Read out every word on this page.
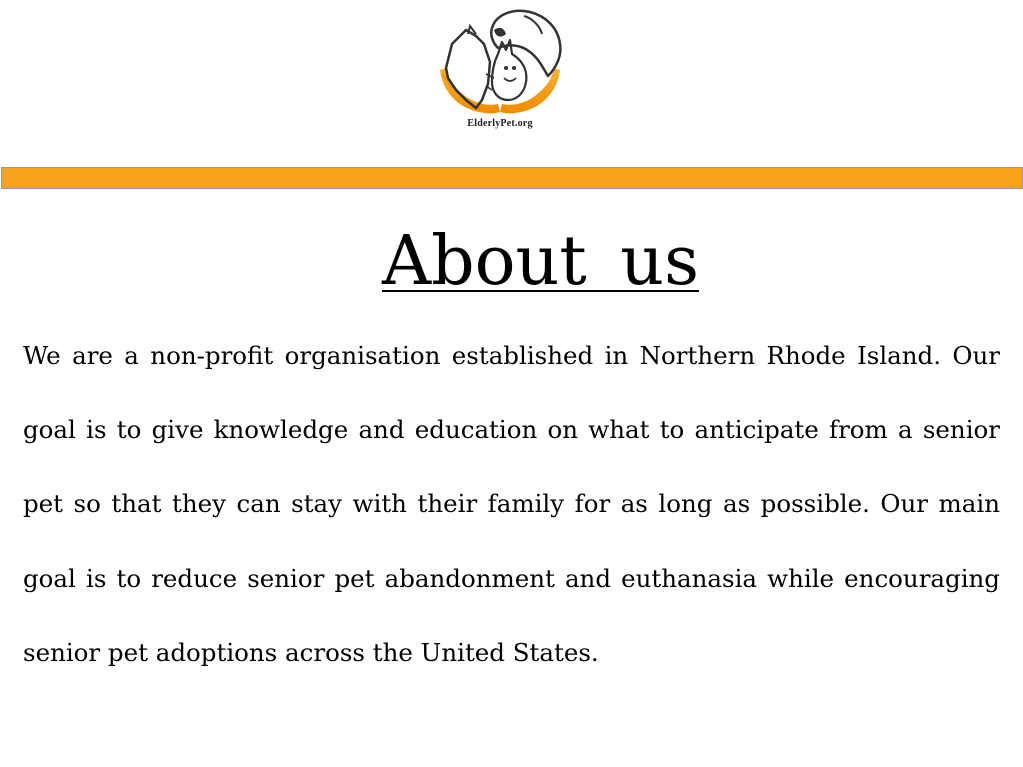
ElderlyPet.org
About us

We are a non-profit organisation established in Northern Rhode Island. Our goal is to give knowledge and education on what to anticipate from a senior pet so that they can stay with their family for as long as possible. Our main goal is to reduce senior pet abandonment and euthanasia while encouraging senior pet adoptions across the United States.
